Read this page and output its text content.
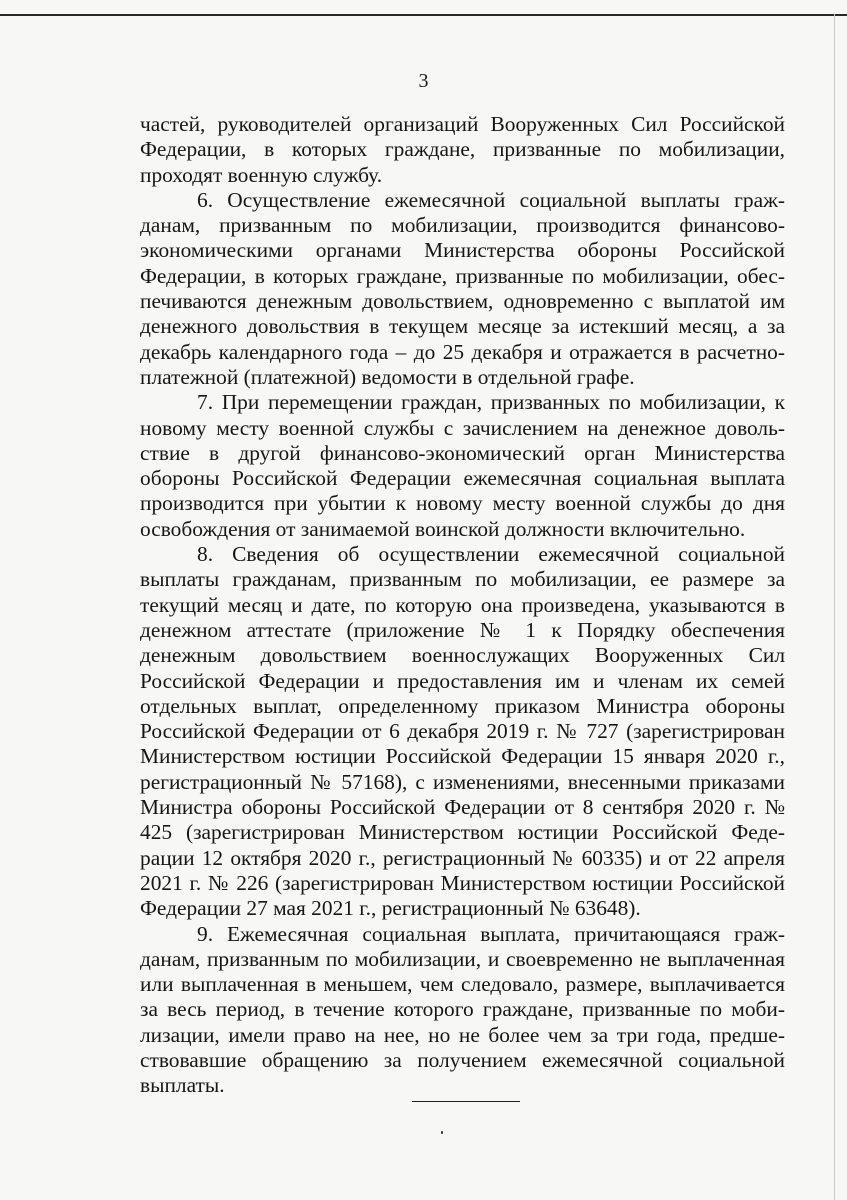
3

частей, руководителей организаций Вооруженных Сил Российской Федерации, в которых граждане, призванные по мобилизации, проходят военную службу.

6. Осуществление ежемесячной социальной выплаты гражданам, призванным по мобилизации, производится финансово-экономическими органами Министерства обороны Российской Федерации, в которых граждане, призванные по мобилизации, обеспечиваются денежным довольствием, одновременно с выплатой им денежного довольствия в текущем месяце за истекший месяц, а за декабрь календарного года – до 25 декабря и отражается в расчетно-платежной (платежной) ведомости в отдельной графе.

7. При перемещении граждан, призванных по мобилизации, к новому месту военной службы с зачислением на денежное довольствие в другой финансово-экономический орган Министерства обороны Российской Федерации ежемесячная социальная выплата производится при убытии к новому месту военной службы до дня освобождения от занимаемой воинской должности включительно.

8. Сведения об осуществлении ежемесячной социальной выплаты гражданам, призванным по мобилизации, ее размере за текущий месяц и дате, по которую она произведена, указываются в денежном аттестате (приложение № 1 к Порядку обеспечения денежным довольствием военнослужащих Вооруженных Сил Российской Федерации и предоставления им и членам их семей отдельных выплат, определенному приказом Министра обороны Российской Федерации от 6 декабря 2019 г. № 727 (зарегистрирован Министерством юстиции Российской Федерации 15 января 2020 г., регистрационный № 57168), с изменениями, внесенными приказами Министра обороны Российской Федерации от 8 сентября 2020 г. № 425 (зарегистрирован Министерством юстиции Российской Федерации 12 октября 2020 г., регистрационный № 60335) и от 22 апреля 2021 г. № 226 (зарегистрирован Министерством юстиции Российской Федерации 27 мая 2021 г., регистрационный № 63648).

9. Ежемесячная социальная выплата, причитающаяся гражданам, призванным по мобилизации, и своевременно не выплаченная или выплаченная в меньшем, чем следовало, размере, выплачивается за весь период, в течение которого граждане, призванные по мобилизации, имели право на нее, но не более чем за три года, предшествовавшие обращению за получением ежемесячной социальной выплаты.
